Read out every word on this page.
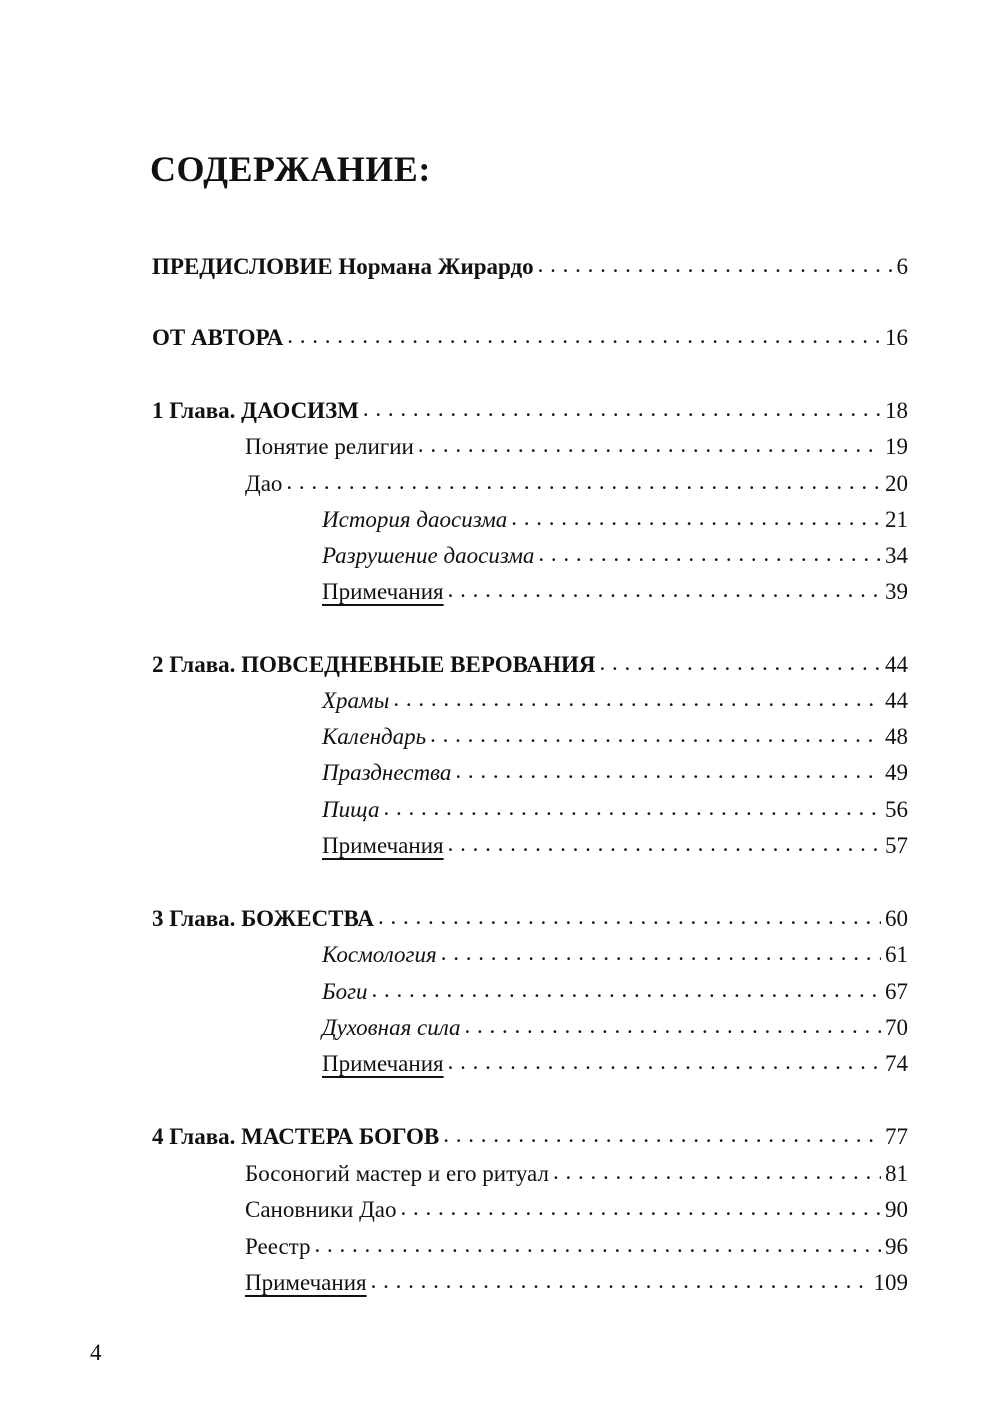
СОДЕРЖАНИЕ:
ПРЕДИСЛОВИЕ Нормана Жирардо . . .	6
ОТ АВТОРА . . .	16
1 Глава. ДАОСИЗМ . . .	18
Понятие религии . . .	19
Дао . . .	20
История даосизма . . .	21
Разрушение даосизма . . .	34
Примечания . . .	39
2 Глава. ПОВСЕДНЕВНЫЕ ВЕРОВАНИЯ . . .	44
Храмы . . .	44
Календарь . . .	48
Празднества . . .	49
Пища . . .	56
Примечания . . .	57
3 Глава. БОЖЕСТВА . . .	60
Космология . . .	61
Боги . . .	67
Духовная сила . . .	70
Примечания . . .	74
4 Глава. МАСТЕРА БОГОВ . . .	77
Босоногий мастер и его ритуал . . .	81
Сановники Дао . . .	90
Реестр . . .	96
Примечания . . .	109

4
